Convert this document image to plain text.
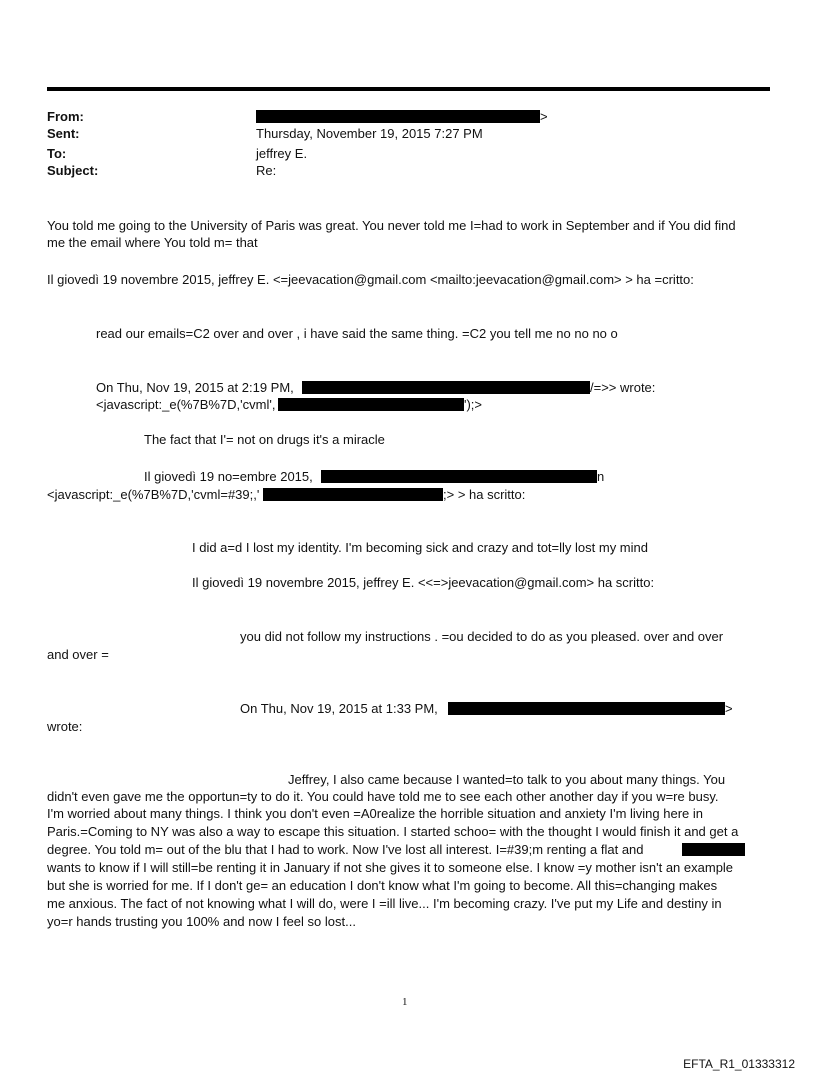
From:	>
Sent:	Thursday, November 19, 2015 7:27 PM
To:	jeffrey E.
Subject:	Re:
You told me going to the University of Paris was great. You never told me I=had to work in September and if You did find
me the email where You told m= that
Il giovedì 19 novembre 2015, jeffrey E. <=jeevacation@gmail.com <mailto:jeevacation@gmail.com> > ha =critto:
read our emails=C2 over and over , i have said the same thing. =C2 you tell me no no no o
On Thu, Nov 19, 2015 at 2:19 PM,	/=>> wrote:
<javascript:_e(%7B%7D,'cvml',	');>
The fact that I'= not on drugs it's a miracle
Il giovedì 19 no=embre 2015,	n
<javascript:_e(%7B%7D,'cvml=#39;,'	;> > ha scritto:
I did a=d I lost my identity. I'm becoming sick and crazy and tot=lly lost my mind
Il giovedì 19 novembre 2015, jeffrey E. <<=>jeevacation@gmail.com> ha scritto:
you did not follow my instructions . =ou decided to do as you pleased. over and over
and over =
On Thu, Nov 19, 2015 at 1:33 PM,	>
wrote:
Jeffrey, I also came because I wanted=to talk to you about many things. You
didn't even gave me the opportun=ty to do it. You could have told me to see each other another day if you w=re busy.
I'm worried about many things. I think you don't even =A0realize the horrible situation and anxiety I'm living here in
Paris.=Coming to NY was also a way to escape this situation. I started schoo= with the thought I would finish it and get a
degree. You told m= out of the blu that I had to work. Now I've lost all interest. I=#39;m renting a flat and
wants to know if I will still=be renting it in January if not she gives it to someone else. I know =y mother isn't an example
but she is worried for me. If I don't ge= an education I don't know what I'm going to become. All this=changing makes
me anxious. The fact of not knowing what I will do, were I =ill live... I'm becoming crazy. I've put my Life and destiny in
yo=r hands trusting you 100% and now I feel so lost...
1
EFTA_R1_01333312
